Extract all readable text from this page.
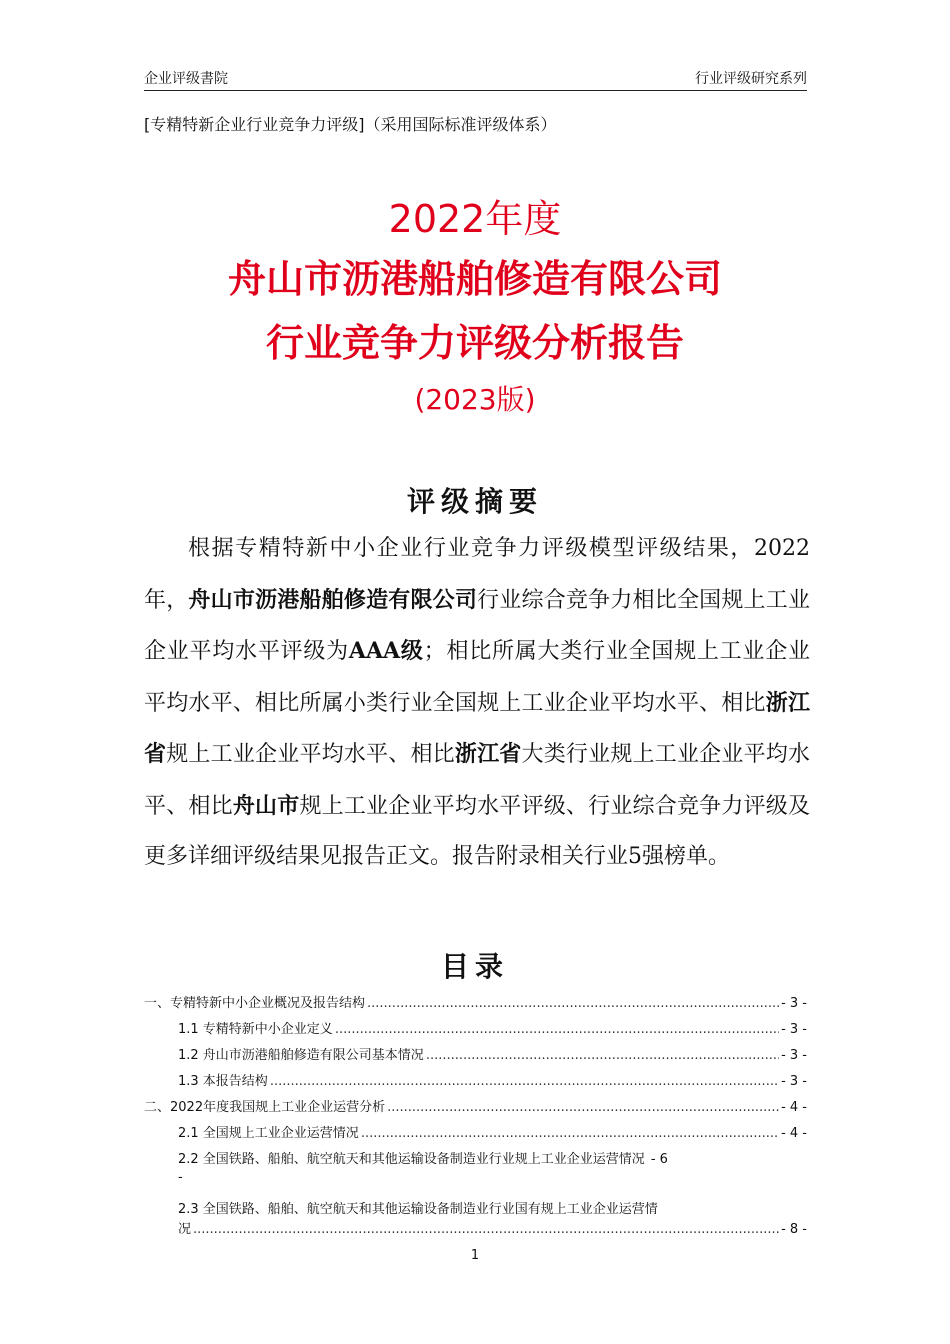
企业评级書院	行业评级研究系列
[专精特新企业行业竞争力评级]（采用国际标准评级体系）
2022年度
舟山市沥港船舶修造有限公司
行业竞争力评级分析报告
(2023版)
评级摘要

根据专精特新中小企业行业竞争力评级模型评级结果，2022年，舟山市沥港船舶修造有限公司行业综合竞争力相比全国规上工业企业平均水平评级为AAA级；相比所属大类行业全国规上工业企业平均水平、相比所属小类行业全国规上工业企业平均水平、相比浙江省规上工业企业平均水平、相比浙江省大类行业规上工业企业平均水平、相比舟山市规上工业企业平均水平评级、行业综合竞争力评级及更多详细评级结果见报告正文。报告附录相关行业5强榜单。

目录
一、专精特新中小企业概况及报告结构 .....	- 3 -
1.1 专精特新中小企业定义 .....	- 3 -
1.2 舟山市沥港船舶修造有限公司基本情况 .....	- 3 -
1.3 本报告结构 .....	- 3 -
二、2022年度我国规上工业企业运营分析 .....	- 4 -
2.1 全国规上工业企业运营情况 .....	- 4 -
2.2 全国铁路、船舶、航空航天和其他运输设备制造业行业规上工业企业运营情况 - 6
-
2.3 全国铁路、船舶、航空航天和其他运输设备制造业行业国有规上工业企业运营情
况 .....	- 8 -
1
